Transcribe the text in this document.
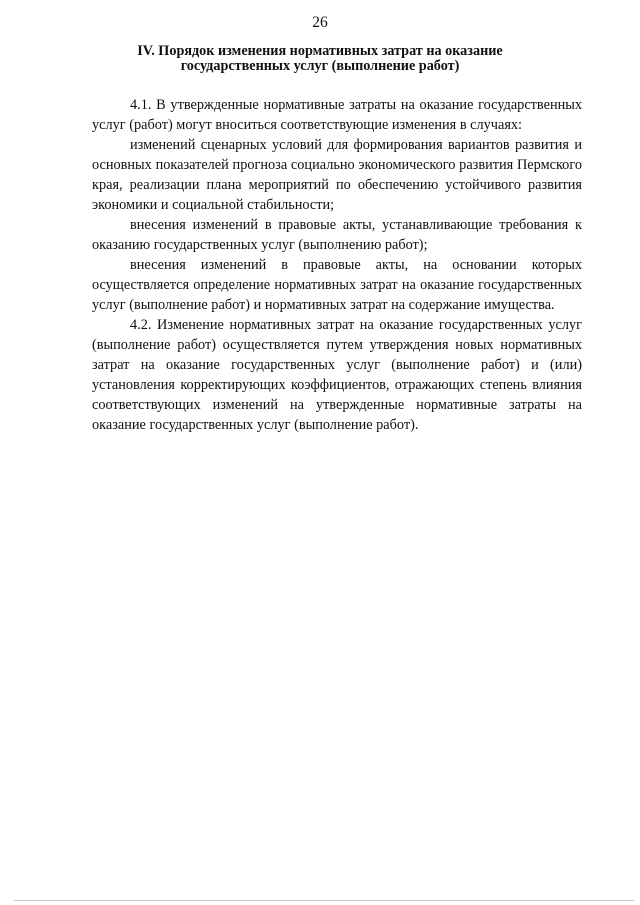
26
IV. Порядок изменения нормативных затрат на оказание
государственных услуг (выполнение работ)

4.1. В утвержденные нормативные затраты на оказание государственных услуг (работ) могут вноситься соответствующие изменения в случаях:

изменений сценарных условий для формирования вариантов развития и основных показателей прогноза социально экономического развития Пермского края, реализации плана мероприятий по обеспечению устойчивого развития экономики и социальной стабильности;

внесения изменений в правовые акты, устанавливающие требования к оказанию государственных услуг (выполнению работ);

внесения изменений в правовые акты, на основании которых осуществляется определение нормативных затрат на оказание государственных услуг (выполнение работ) и нормативных затрат на содержание имущества.

4.2. Изменение нормативных затрат на оказание государственных услуг (выполнение работ) осуществляется путем утверждения новых нормативных затрат на оказание государственных услуг (выполнение работ) и (или) установления корректирующих коэффициентов, отражающих степень влияния соответствующих изменений на утвержденные нормативные затраты на оказание государственных услуг (выполнение работ).
